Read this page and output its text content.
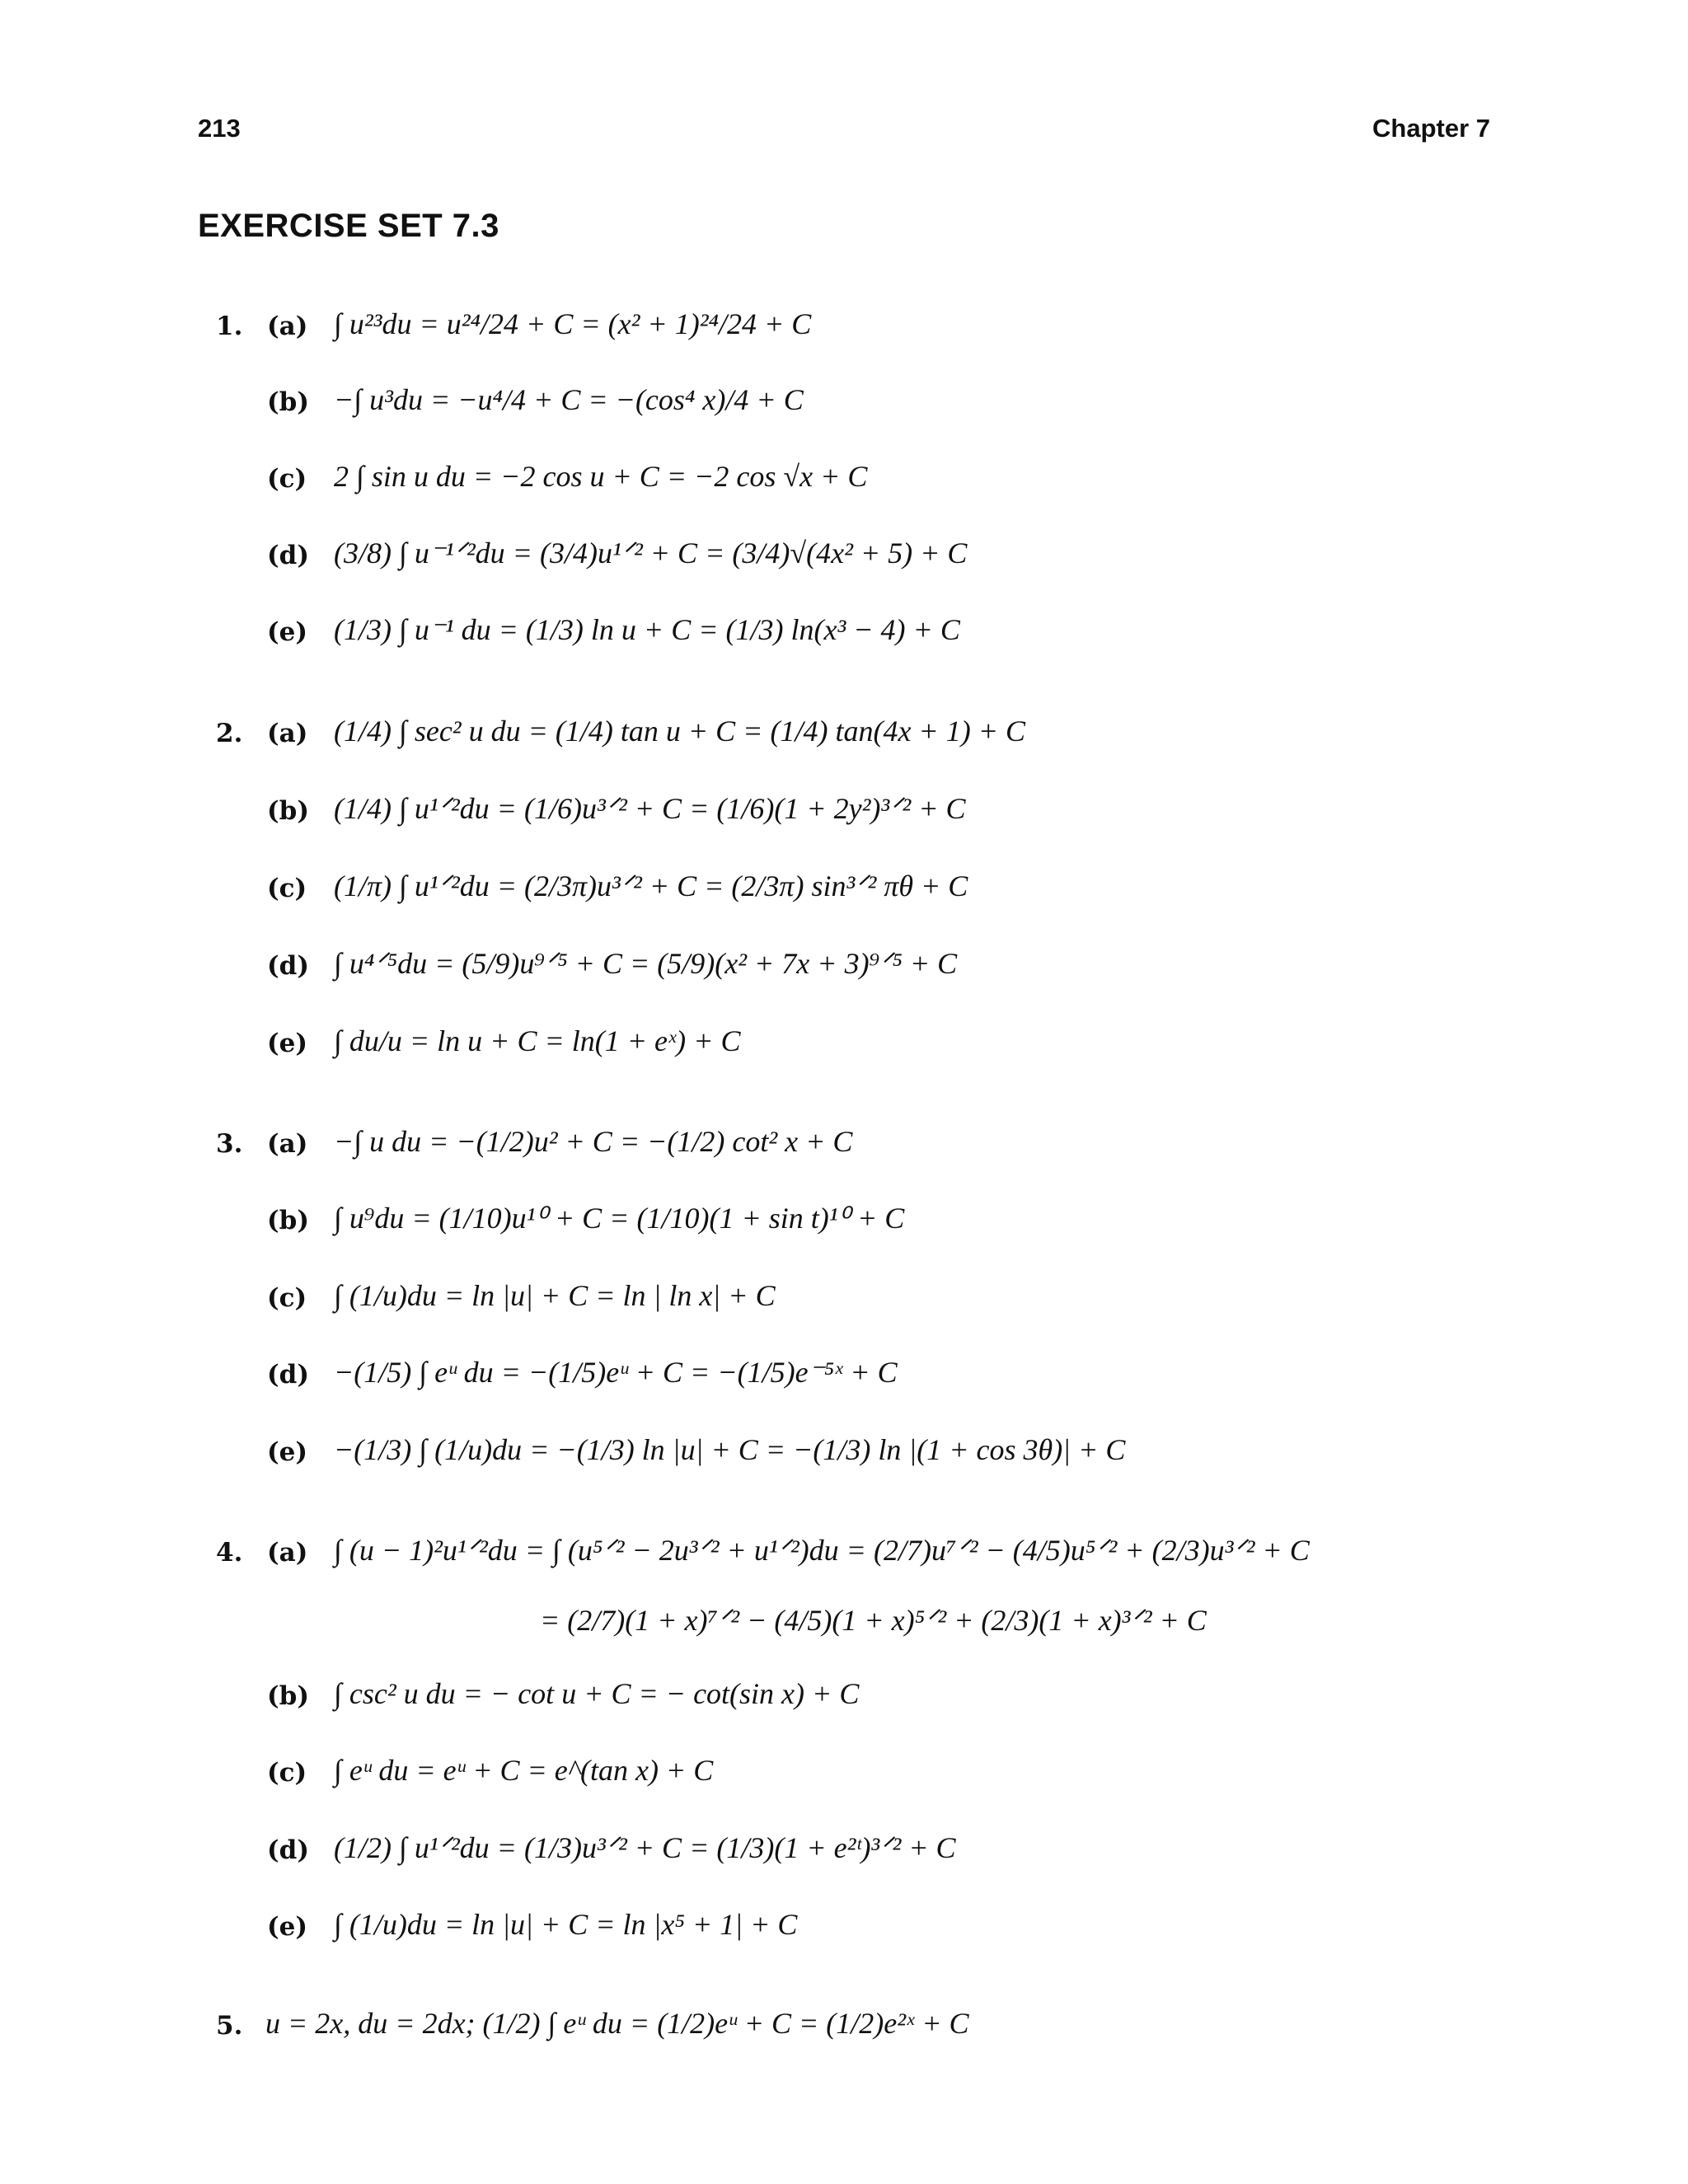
213	Chapter 7
EXERCISE SET 7.3
1. (a) ∫ u²³du = u²⁴/24 + C = (x² + 1)²⁴/24 + C
(b) −∫ u³du = −u⁴/4 + C = −(cos⁴ x)/4 + C
(c) 2 ∫ sin u du = −2 cos u + C = −2 cos √x + C
(d) (3/8) ∫ u⁻¹ᐟ²du = (3/4)u¹ᐟ² + C = (3/4)√(4x² + 5) + C
(e) (1/3) ∫ u⁻¹ du = (1/3) ln u + C = (1/3) ln(x³ − 4) + C
2. (a) (1/4) ∫ sec² u du = (1/4) tan u + C = (1/4) tan(4x + 1) + C
(b) (1/4) ∫ u¹ᐟ²du = (1/6)u³ᐟ² + C = (1/6)(1 + 2y²)³ᐟ² + C
(c) (1/π) ∫ u¹ᐟ²du = (2/3π)u³ᐟ² + C = (2/3π) sin³ᐟ² πθ + C
(d) ∫ u⁴ᐟ⁵du = (5/9)u⁹ᐟ⁵ + C = (5/9)(x² + 7x + 3)⁹ᐟ⁵ + C
(e) ∫ du/u = ln u + C = ln(1 + eˣ) + C
3. (a) −∫ u du = −(1/2)u² + C = −(1/2) cot² x + C
(b) ∫ u⁹du = (1/10)u¹⁰ + C = (1/10)(1 + sin t)¹⁰ + C
(c) ∫ (1/u)du = ln |u| + C = ln | ln x| + C
(d) −(1/5) ∫ eᵘ du = −(1/5)eᵘ + C = −(1/5)e⁻⁵ˣ + C
(e) −(1/3) ∫ (1/u)du = −(1/3) ln |u| + C = −(1/3) ln |(1 + cos 3θ)| + C
4. (a) ∫ (u − 1)²u¹ᐟ²du = ∫ (u⁵ᐟ² − 2u³ᐟ² + u¹ᐟ²)du = (2/7)u⁷ᐟ² − (4/5)u⁵ᐟ² + (2/3)u³ᐟ² + C
= (2/7)(1 + x)⁷ᐟ² − (4/5)(1 + x)⁵ᐟ² + (2/3)(1 + x)³ᐟ² + C
(b) ∫ csc² u du = − cot u + C = − cot(sin x) + C
(c) ∫ eᵘ du = eᵘ + C = e^(tan x) + C
(d) (1/2) ∫ u¹ᐟ²du = (1/3)u³ᐟ² + C = (1/3)(1 + e²ᵗ)³ᐟ² + C
(e) ∫ (1/u)du = ln |u| + C = ln |x⁵ + 1| + C
5. u = 2x, du = 2dx; (1/2) ∫ eᵘ du = (1/2)eᵘ + C = (1/2)e²ˣ + C
